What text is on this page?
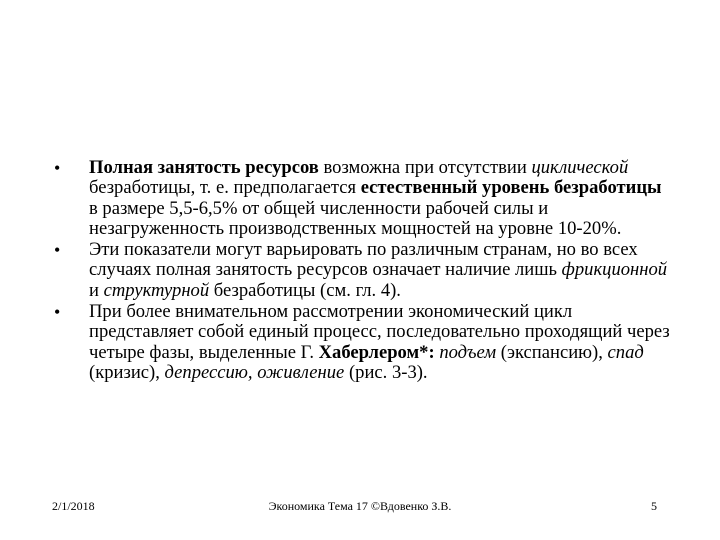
• Полная занятость ресурсов возможна при отсутствии циклической безработицы, т. е. предполагается естественный уровень безработицы в размере 5,5-6,5% от общей численности рабочей силы и незагруженность производственных мощностей на уровне 10-20%.
• Эти показатели могут варьировать по различным странам, но во всех случаях полная занятость ресурсов означает наличие лишь фрикционной и структурной безработицы (см. гл. 4).
• При более внимательном рассмотрении экономический цикл представляет собой единый процесс, последовательно проходящий через четыре фазы, выделенные Г. Хаберлером*: подъем (экспансию), спад (кризис), депрессию, оживление (рис. 3-3).
2/1/2018	Экономика Тема 17 ©Вдовенко З.В.	5
